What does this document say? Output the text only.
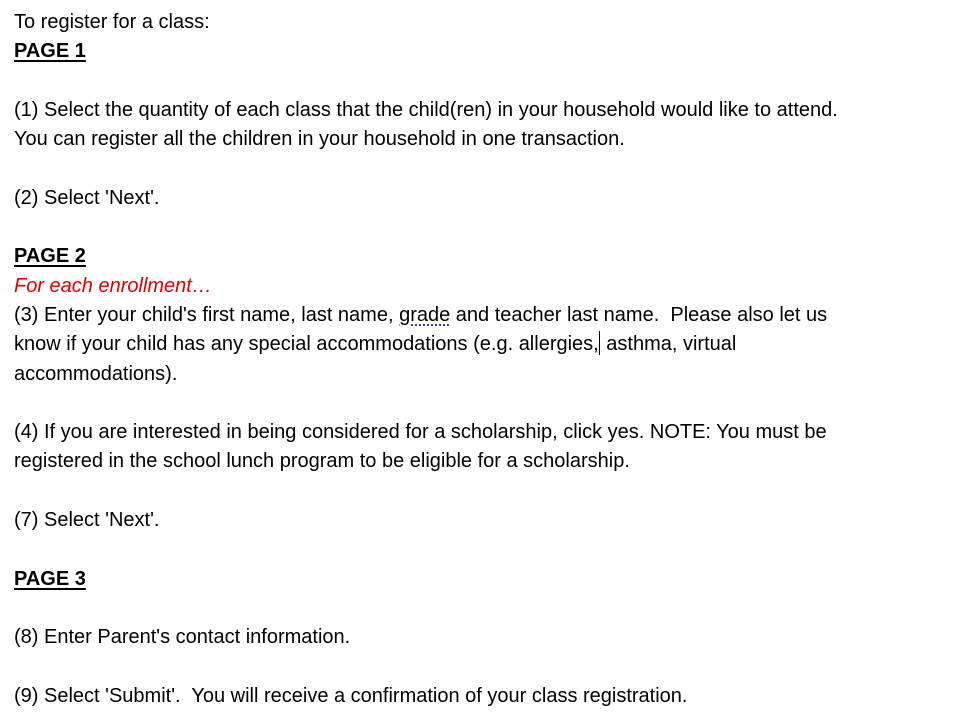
To register for a class:
PAGE 1
(1) Select the quantity of each class that the child(ren) in your household would like to attend.
You can register all the children in your household in one transaction.
(2) Select 'Next'.
PAGE 2
For each enrollment…
(3) Enter your child's first name, last name, grade and teacher last name.  Please also let us
know if your child has any special accommodations (e.g. allergies, asthma, virtual
accommodations).
(4) If you are interested in being considered for a scholarship, click yes. NOTE: You must be
registered in the school lunch program to be eligible for a scholarship.
(7) Select 'Next'.
PAGE 3
(8) Enter Parent's contact information.
(9) Select 'Submit'.  You will receive a confirmation of your class registration.
